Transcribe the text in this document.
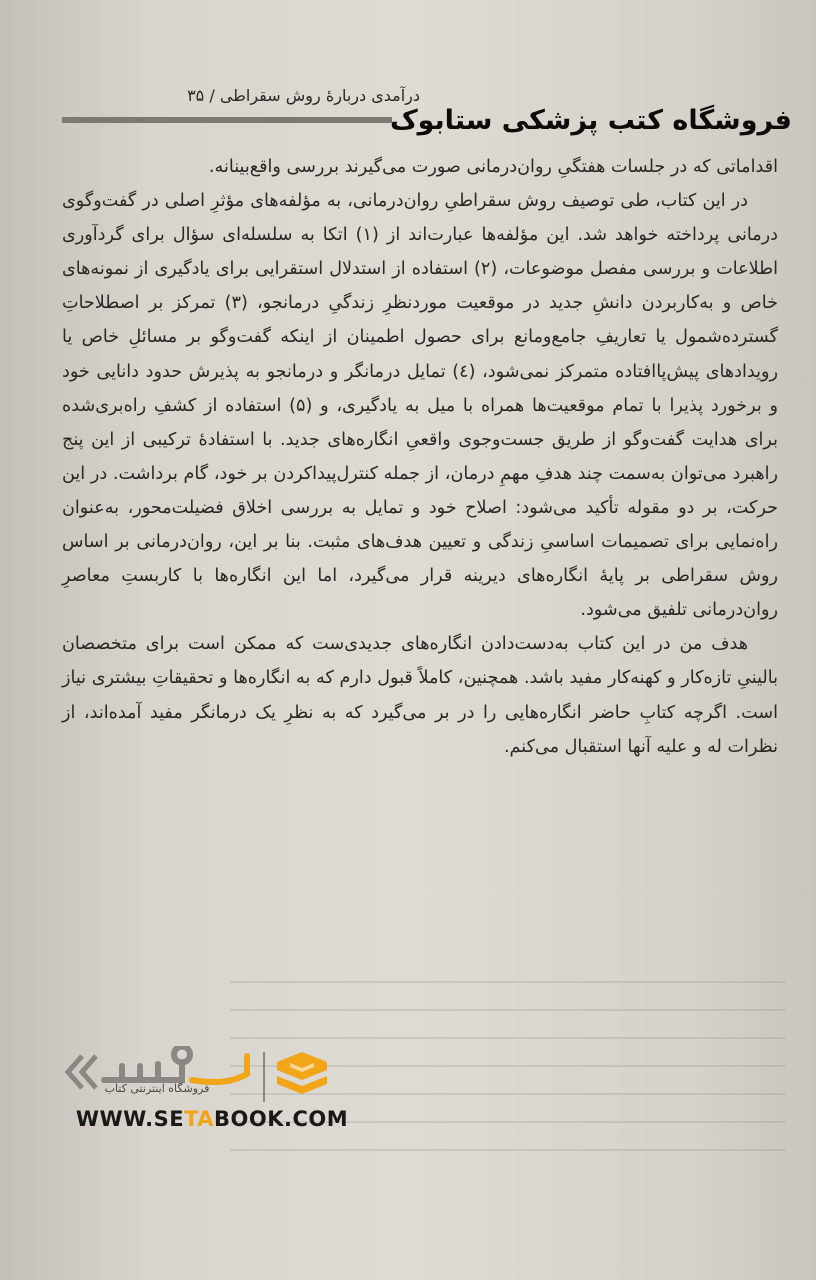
درآمدی دربارهٔ روش سقراطی / ۳۵
فروشگاه کتب پزشکی ستابوک

اقداماتی که در جلسات هفتگیِ روان‌درمانی صورت می‌گیرند بررسی واقع‌بینانه.

در این کتاب، طی توصیف روش سقراطیِ روان‌درمانی، به مؤلفه‌های مؤثرِ اصلی در گفت‌وگوی درمانی پرداخته خواهد شد. این مؤلفه‌ها عبارت‌اند از (۱) اتکا به سلسله‌ای سؤال برای گردآوری اطلاعات و بررسی مفصل موضوعات، (۲) استفاده از استدلال استقرایی برای یادگیری از نمونه‌های خاص و به‌کاربردن دانشِ جدید در موقعیت موردنظرِ زندگیِ درمانجو، (۳) تمرکز بر اصطلاحاتِ گسترده‌شمول یا تعاریفِ جامع‌ومانع برای حصول اطمینان از اینکه گفت‌وگو بر مسائلِ خاص یا رویدادهای پیش‌پاافتاده متمرکز نمی‌شود، (٤) تمایل درمانگر و درمانجو به پذیرش حدود دانایی خود و برخورد پذیرا با تمام موقعیت‌ها همراه با میل به یادگیری، و (۵) استفاده از کشفِ راه‌بری‌شده برای هدایت گفت‌وگو از طریق جست‌وجوی واقعیِ انگاره‌های جدید. با استفادهٔ ترکیبی از این پنج راهبرد می‌توان به‌سمت چند هدفِ مهمِ درمان، از جمله کنترل‌پیداکردن بر خود، گام برداشت. در این حرکت، بر دو مقوله تأکید می‌شود: اصلاح خود و تمایل به بررسی اخلاق فضیلت‌محور، به‌عنوان راه‌نمایی برای تصمیمات اساسیِ زندگی و تعیین هدف‌های مثبت. بنا بر این، روان‌درمانی بر اساس روش سقراطی بر پایهٔ انگاره‌های دیرینه قرار می‌گیرد، اما این انگاره‌ها با کاربستِ معاصرِ روان‌درمانی تلفیق می‌شود.

هدف من در این کتاب به‌دست‌دادن انگاره‌های جدیدی‌ست که ممکن است برای متخصصان بالینیِ تازه‌کار و کهنه‌کار مفید باشد. همچنین، کاملاً قبول دارم که به انگاره‌ها و تحقیقاتِ بیشتری نیاز است. اگرچه کتابِ حاضر انگاره‌هایی را در بر می‌گیرد که به نظرِ یک درمانگر مفید آمده‌اند، از نظرات له و علیه آنها استقبال می‌کنم.

فروشگاه اینترنتی کتاب
WWW.SE TA BOOK.COM
